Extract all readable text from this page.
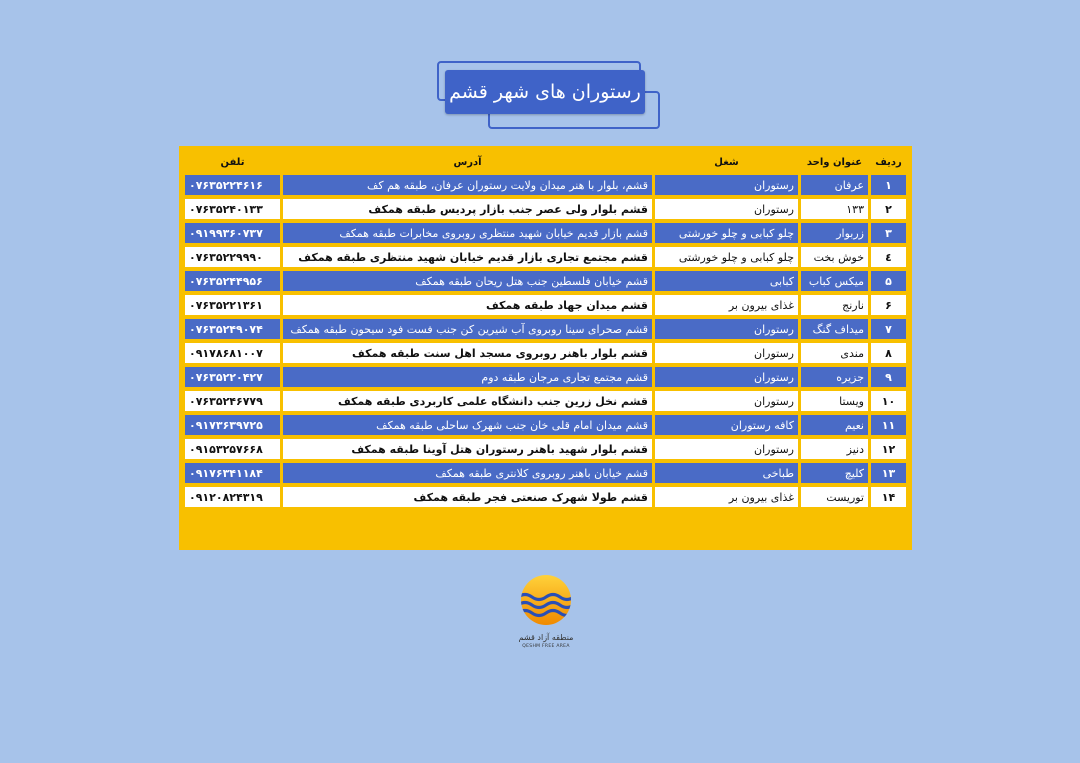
رستوران های شهر قشم
ردیف	عنوان واحد	شغل	آدرس	تلفن
۱	عرفان	رستوران	قشم، بلوار با هنر میدان ولایت رستوران عرفان، طبقه هم کف	۰۷۶۳۵۲۲۴۶۱۶
۲	۱۳۳	رستوران	قشم بلوار ولی عصر جنب بازار پردیس طبقه همکف	۰۷۶۳۵۲۴۰۱۳۳
۳	زربوار	چلو کبابی و چلو خورشتی	قشم بازار قدیم خیابان شهید منتظری روبروی مخابرات طبقه همکف	۰۹۱۹۹۳۶۰۷۳۷
٤	خوش بخت	چلو کبابی و چلو خورشتی	قشم مجتمع تجاری بازار قدیم خیابان شهید منتظری طبقه همکف	۰۷۶۳۵۲۲۹۹۹۰
۵	میکس کباب	کبابی	قشم خیابان فلسطین جنب هتل ریحان طبقه همکف	۰۷۶۳۵۲۴۴۹۵۶
۶	نارنج	غذای بیرون بر	قشم میدان جهاد طبقه همکف	۰۷۶۳۵۲۲۱۳۶۱
۷	میداف گنگ	رستوران	قشم صحرای سینا روبروی آب شیرین کن جنب فست فود سیحون طبقه همکف	۰۷۶۳۵۲۴۹۰۷۴
۸	مندی	رستوران	قشم بلوار باهنر روبروی مسجد اهل سنت طبقه همکف	۰۹۱۷۸۶۸۱۰۰۷
۹	جزیره	رستوران	قشم مجتمع تجاری مرجان طبقه دوم	۰۷۶۳۵۲۲۰۴۲۷
۱۰	ویستا	رستوران	قشم نخل زرین جنب دانشگاه علمی کاربردی طبقه همکف	۰۷۶۳۵۲۴۶۷۷۹
۱۱	نعیم	کافه رستوران	قشم میدان امام قلی خان جنب شهرک ساحلی طبقه همکف	۰۹۱۷۳۶۳۹۷۲۵
۱۲	دنیز	رستوران	قشم بلوار شهید باهنر رستوران هتل آوینا طبقه همکف	۰۹۱۵۳۲۵۷۶۶۸
۱۳	کلیچ	طباخی	قشم خیابان باهنر روبروی کلانتری طبقه همکف	۰۹۱۷۶۳۴۱۱۸۴
۱۴	توریست	غذای بیرون بر	قشم طولا شهرک صنعتی فجر طبقه همکف	۰۹۱۲۰۸۲۴۳۱۹
منطقه آزاد قشم
QESHM FREE AREA
